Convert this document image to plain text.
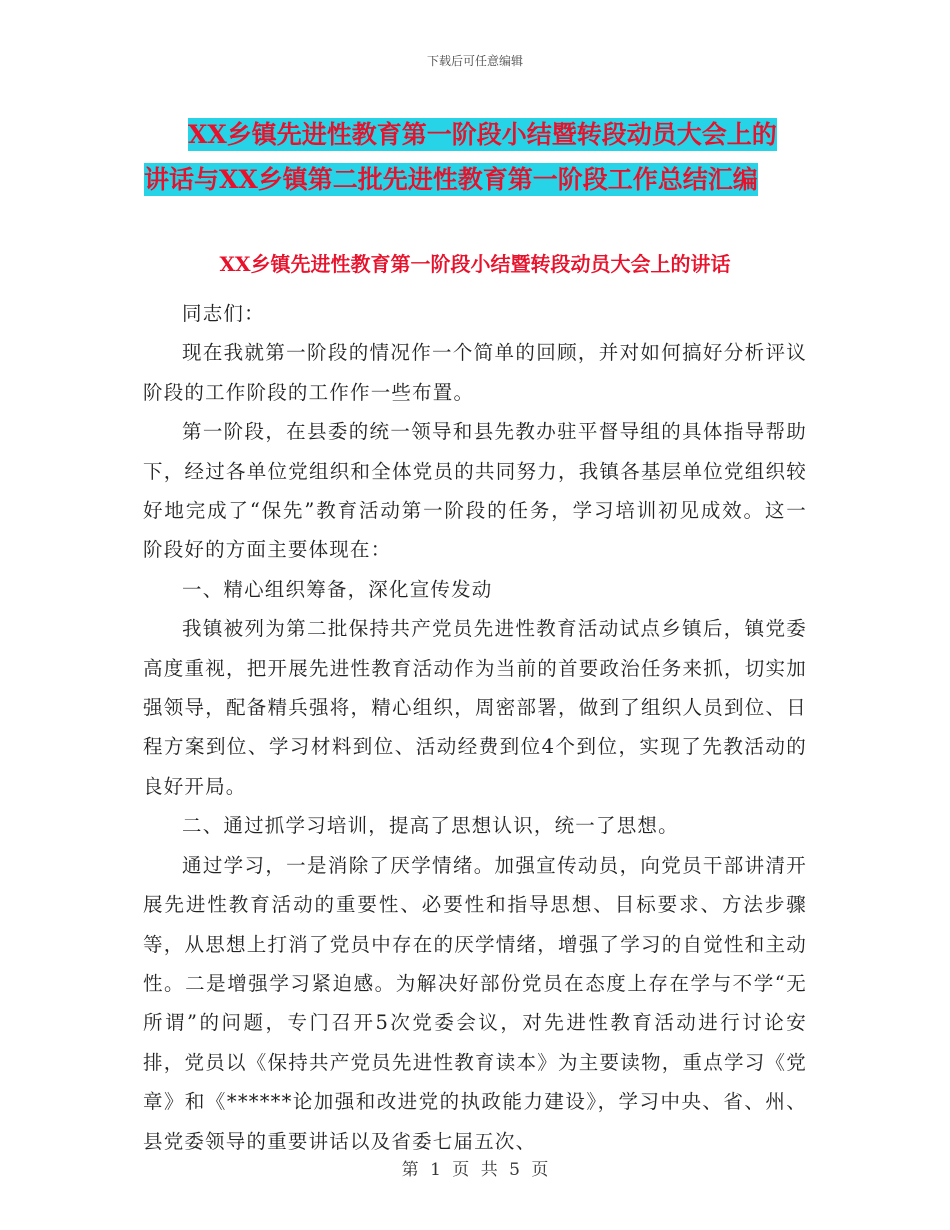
下载后可任意编辑
XX乡镇先进性教育第一阶段小结暨转段动员大会上的
讲话与XX乡镇第二批先进性教育第一阶段工作总结汇编
XX乡镇先进性教育第一阶段小结暨转段动员大会上的讲话

同志们：

现在我就第一阶段的情况作一个简单的回顾，并对如何搞好分析评议阶段的工作阶段的工作作一些布置。

第一阶段，在县委的统一领导和县先教办驻平督导组的具体指导帮助下，经过各单位党组织和全体党员的共同努力，我镇各基层单位党组织较好地完成了“保先”教育活动第一阶段的任务，学习培训初见成效。这一阶段好的方面主要体现在：

一、精心组织筹备，深化宣传发动

我镇被列为第二批保持共产党员先进性教育活动试点乡镇后，镇党委高度重视，把开展先进性教育活动作为当前的首要政治任务来抓，切实加强领导，配备精兵强将，精心组织，周密部署，做到了组织人员到位、日程方案到位、学习材料到位、活动经费到位4个到位，实现了先教活动的良好开局。

二、通过抓学习培训，提高了思想认识，统一了思想。

通过学习，一是消除了厌学情绪。加强宣传动员，向党员干部讲清开展先进性教育活动的重要性、必要性和指导思想、目标要求、方法步骤等，从思想上打消了党员中存在的厌学情绪，增强了学习的自觉性和主动性。二是增强学习紧迫感。为解决好部份党员在态度上存在学与不学“无所谓”的问题，专门召开5次党委会议，对先进性教育活动进行讨论安排，党员以《保持共产党员先进性教育读本》为主要读物，重点学习《党章》和《******论加强和改进党的执政能力建设》，学习中央、省、州、县党委领导的重要讲话以及省委七届五次、

第 1 页 共 5 页
